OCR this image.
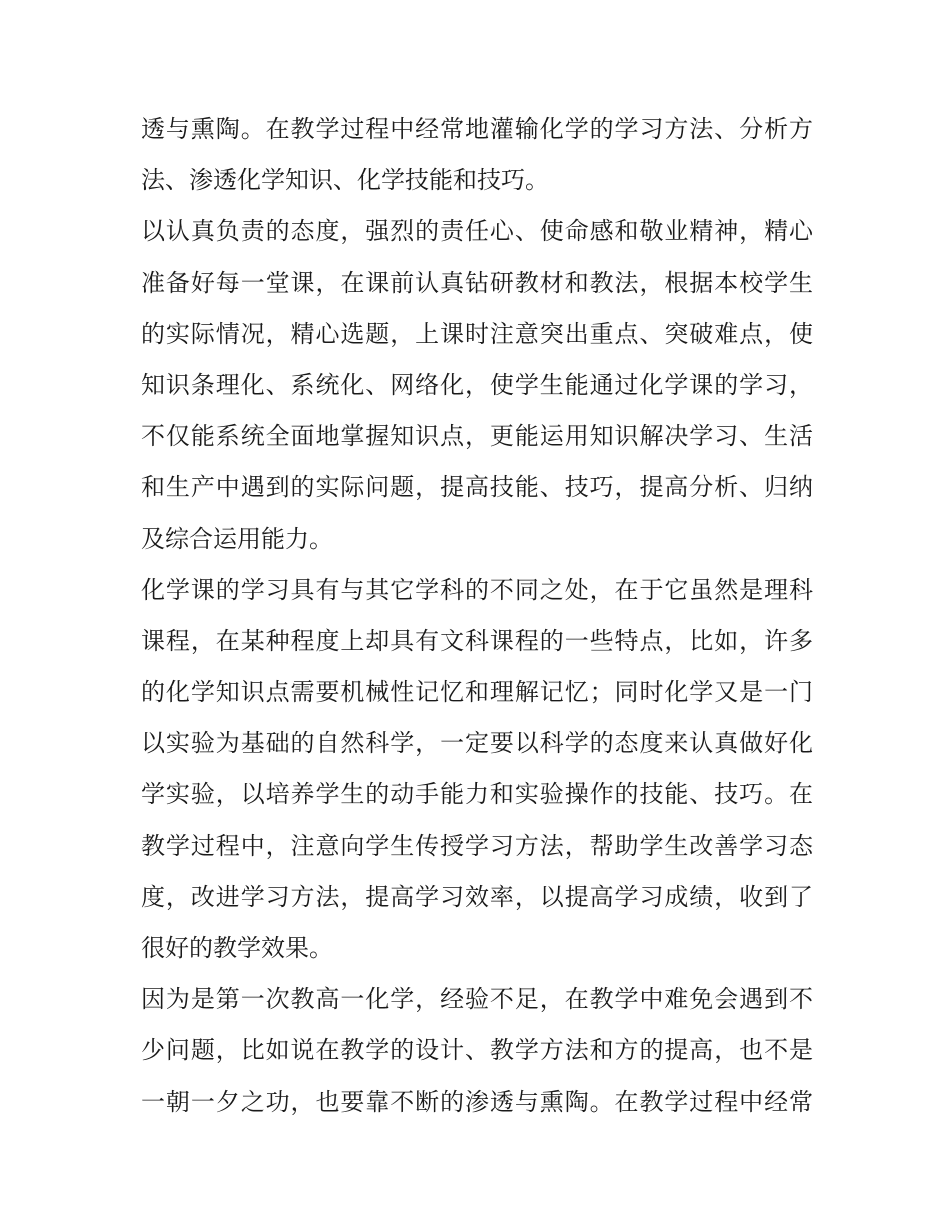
透与熏陶。在教学过程中经常地灌输化学的学习方法、分析方
法、渗透化学知识、化学技能和技巧。
以认真负责的态度，强烈的责任心、使命感和敬业精神，精心
准备好每一堂课，在课前认真钻研教材和教法，根据本校学生
的实际情况，精心选题，上课时注意突出重点、突破难点，使
知识条理化、系统化、网络化，使学生能通过化学课的学习，
不仅能系统全面地掌握知识点，更能运用知识解决学习、生活
和生产中遇到的实际问题，提高技能、技巧，提高分析、归纳
及综合运用能力。
化学课的学习具有与其它学科的不同之处，在于它虽然是理科
课程，在某种程度上却具有文科课程的一些特点，比如，许多
的化学知识点需要机械性记忆和理解记忆；同时化学又是一门
以实验为基础的自然科学，一定要以科学的态度来认真做好化
学实验，以培养学生的动手能力和实验操作的技能、技巧。在
教学过程中，注意向学生传授学习方法，帮助学生改善学习态
度，改进学习方法，提高学习效率，以提高学习成绩，收到了
很好的教学效果。
因为是第一次教高一化学，经验不足，在教学中难免会遇到不
少问题，比如说在教学的设计、教学方法和方的提高，也不是
一朝一夕之功，也要靠不断的渗透与熏陶。在教学过程中经常
